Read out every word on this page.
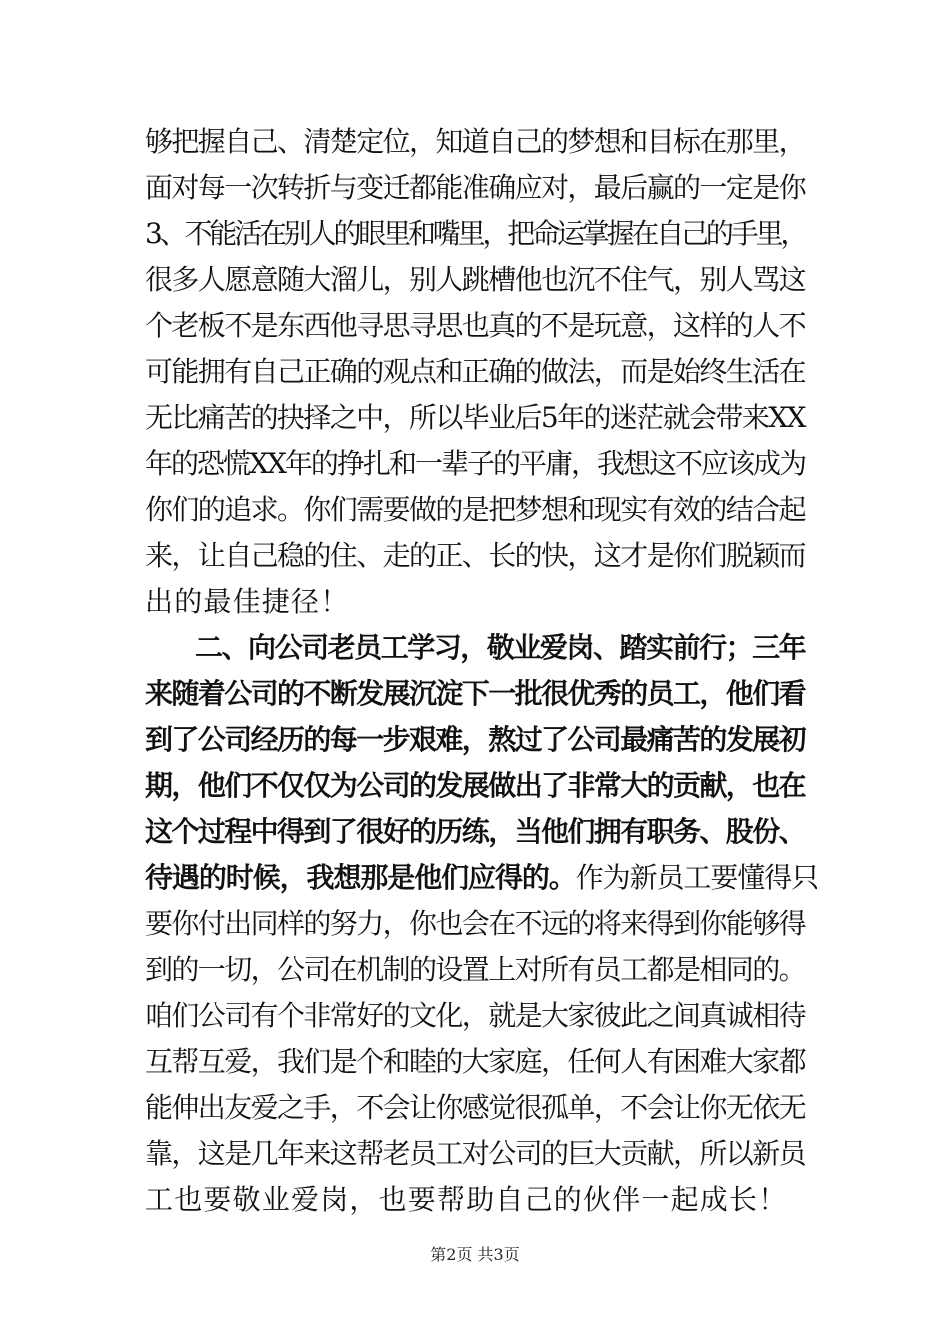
够把握自己、清楚定位，知道自己的梦想和目标在那里，
面对每一次转折与变迁都能准确应对，最后赢的一定是你
3、不能活在别人的眼里和嘴里，把命运掌握在自己的手里，
很多人愿意随大溜儿，别人跳槽他也沉不住气，别人骂这
个老板不是东西他寻思寻思也真的不是玩意，这样的人不
可能拥有自己正确的观点和正确的做法，而是始终生活在
无比痛苦的抉择之中，所以毕业后5年的迷茫就会带来XX
年的恐慌XX年的挣扎和一辈子的平庸，我想这不应该成为
你们的追求。你们需要做的是把梦想和现实有效的结合起
来，让自己稳的住、走的正、长的快，这才是你们脱颖而
出的最佳捷径！
二、向公司老员工学习，敬业爱岗、踏实前行；三年
来随着公司的不断发展沉淀下一批很优秀的员工，他们看
到了公司经历的每一步艰难，熬过了公司最痛苦的发展初
期，他们不仅仅为公司的发展做出了非常大的贡献，也在
这个过程中得到了很好的历练，当他们拥有职务、股份、
待遇的时候，我想那是他们应得的。作为新员工要懂得只
要你付出同样的努力，你也会在不远的将来得到你能够得
到的一切，公司在机制的设置上对所有员工都是相同的。
咱们公司有个非常好的文化，就是大家彼此之间真诚相待
互帮互爱，我们是个和睦的大家庭，任何人有困难大家都
能伸出友爱之手，不会让你感觉很孤单，不会让你无依无
靠，这是几年来这帮老员工对公司的巨大贡献，所以新员
工也要敬业爱岗，也要帮助自己的伙伴一起成长！
第2页 共3页
